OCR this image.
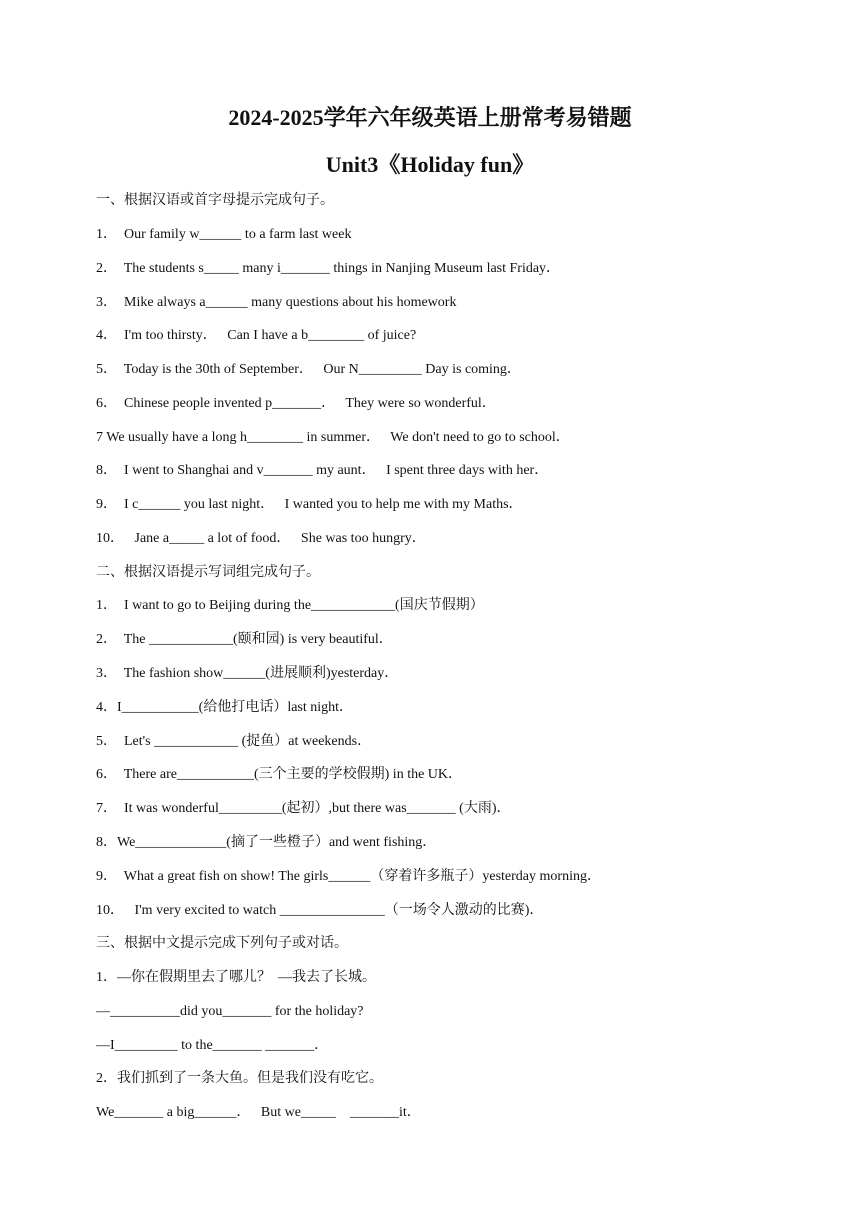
2024-2025学年六年级英语上册常考易错题
Unit3《Holiday fun》

一、根据汉语或首字母提示完成句子。

1．  Our family w______ to a farm last week

2．  The students s_____ many i_______ things in Nanjing Museum last Friday．

3．  Mike always a______ many questions about his homework

4．  I'm too thirsty．   Can I have a b________ of juice?

5．  Today is the 30th of September．   Our N_________ Day is coming．

6．  Chinese people invented p_______．   They were so wonderful．

7 We usually have a long h________ in summer．   We don't need to go to school．

8．  I went to Shanghai and v_______ my aunt．   I spent three days with her．

9．  I c______ you last night．   I wanted you to help me with my Maths．

10．   Jane a_____ a lot of food．   She was too hungry．

二、根据汉语提示写词组完成句子。

1．  I want to go to Beijing during the____________(国庆节假期）

2．  The ____________(颐和园) is very beautiful．

3．  The fashion show______(进展顺利)yesterday．

4．I___________(给他打电话）last night．

5．  Let's ____________ (捉鱼）at weekends．

6．  There are___________(三个主要的学校假期) in the UK．

7．  It was wonderful_________(起初）,but there was_______ (大雨)．

8．We_____________(摘了一些橙子）and went fishing．

9．  What a great fish on show! The girls______（穿着许多瓶子）yesterday morning．

10．   I'm very excited to watch _______________（一场令人激动的比赛)．

三、根据中文提示完成下列句子或对话。

1．—你在假期里去了哪儿？  —我去了长城。

—__________did you_______ for the holiday?

—I_________ to the_______ _______．

2．我们抓到了一条大鱼。但是我们没有吃它。

We_______ a big______．   But we_____    _______it．
